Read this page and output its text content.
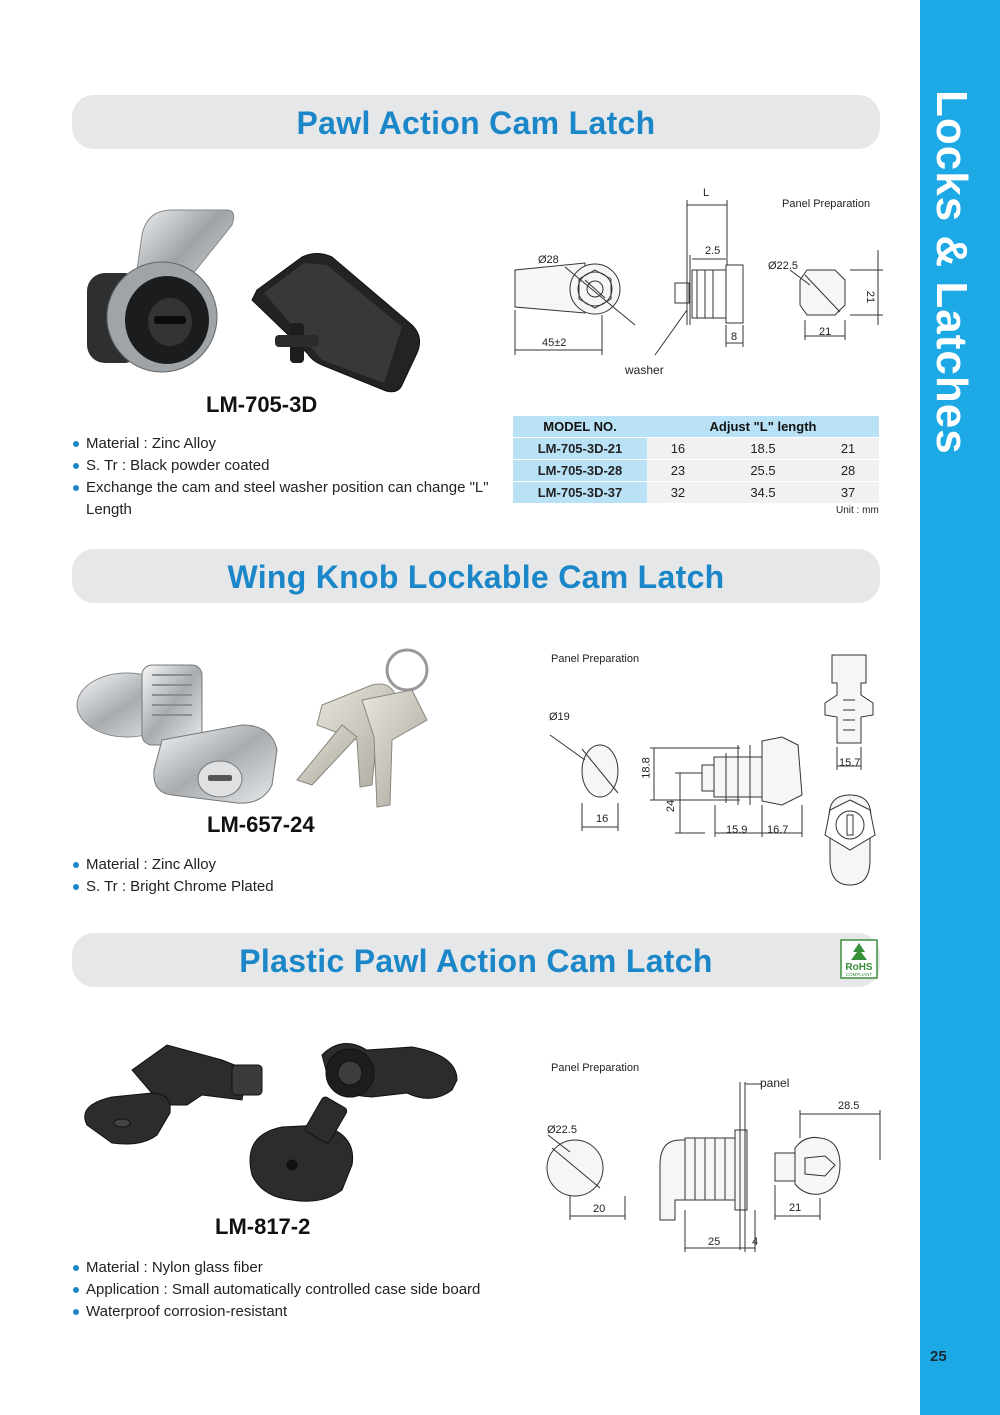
Locks & Latches
25
Pawl Action Cam Latch
LM-705-3D
Material : Zinc Alloy
S. Tr : Black powder coated
Exchange the cam and steel washer position can change "L" Length
Panel Preparation
L
Ø28	Ø22.5
2.5
21
21
45±2	8
washer
MODEL NO.	Adjust "L" length		
LM-705-3D-21	16	18.5	21
LM-705-3D-28	23	25.5	28
LM-705-3D-37	32	34.5	37
Unit : mm
Wing Knob Lockable Cam Latch
LM-657-24
Material : Zinc Alloy
S. Tr : Bright Chrome Plated
Panel Preparation
Ø19
16
18.8
24
15.9 16.7
15.7
Plastic Pawl Action Cam Latch	RoHS
COMPLIANT
LM-817-2
Material : Nylon glass fiber
Application : Small automatically controlled case side board
Waterproof corrosion-resistant
Panel Preparation
Ø22.5
20
panel
25	4
28.5
21
